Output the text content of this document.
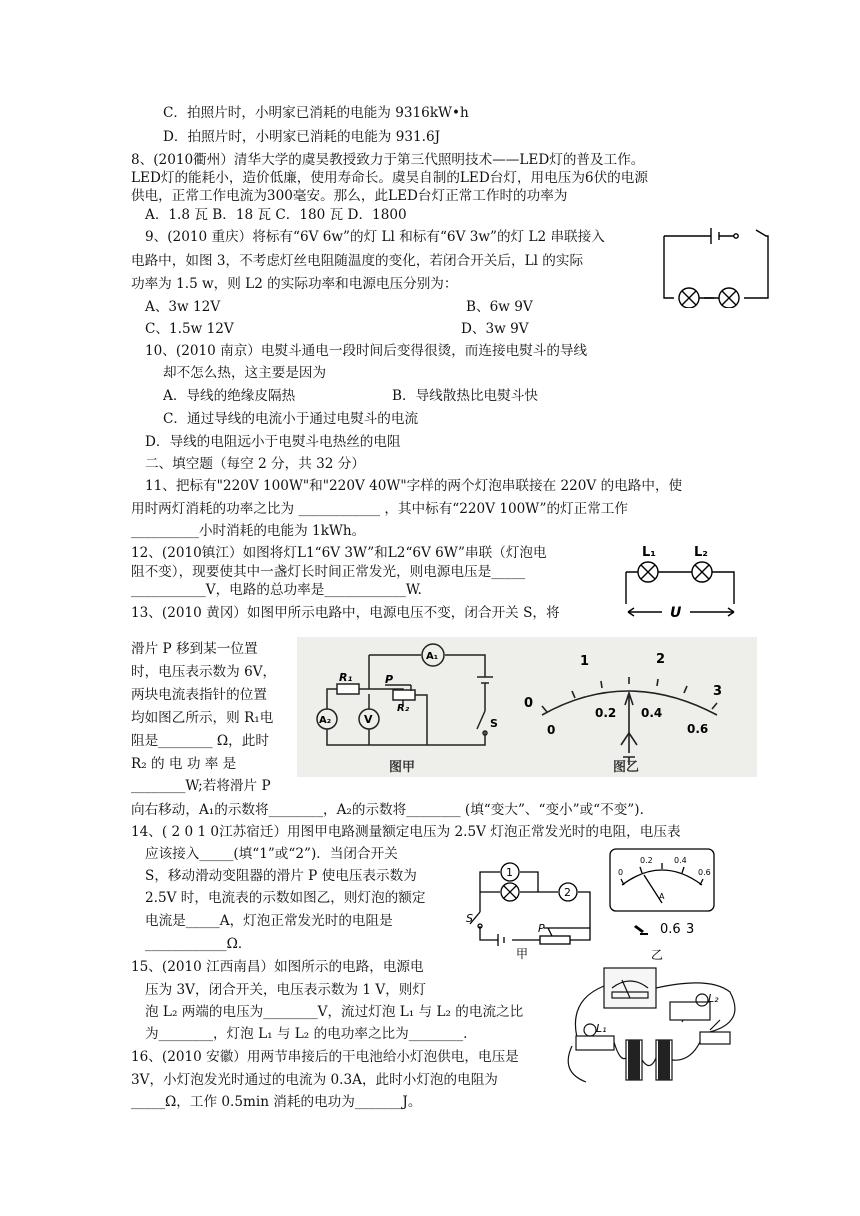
C．拍照片时，小明家已消耗的电能为 9316kW•h
D．拍照片时，小明家已消耗的电能为 931.6J
8、(2010衢州）清华大学的虞昊教授致力于第三代照明技术——LED灯的普及工作。
LED灯的能耗小，造价低廉，使用寿命长。虞昊自制的LED台灯，用电压为6伏的电源
供电，正常工作电流为300毫安。那么，此LED台灯正常工作时的功率为
A．1.8 瓦 B．18 瓦 C．180 瓦 D．1800
9、(2010 重庆）将标有“6V 6w”的灯 Ll 和标有“6V 3w”的灯 L2 串联接入
电路中，如图 3，不考虑灯丝电阻随温度的变化，若闭合开关后，Ll 的实际
功率为 1.5 w，则 L2 的实际功率和电源电压分别为：
A、3w 12V	B、6w 9V
C、1.5w 12V	D、3w 9V
10、(2010 南京）电熨斗通电一段时间后变得很烫，而连接电熨斗的导线
却不怎么热，这主要是因为
A．导线的绝缘皮隔热	B．导线散热比电熨斗快
C．通过导线的电流小于通过电熨斗的电流
D．导线的电阻远小于电熨斗电热丝的电阻
二、填空题（每空 2 分，共 32 分）
11、把标有"220V 100W"和"220V 40W"字样的两个灯泡串联接在 220V 的电路中，使
用时两灯消耗的功率之比为 ____________ ，其中标有“220V 100W”的灯正常工作
__________小时消耗的电能为 1kWh。
12、(2010镇江）如图将灯L1“6V 3W”和L2“6V 6W”串联（灯泡电
阻不变），现要使其中一盏灯长时间正常发光，则电源电压是_____
___________V，电路的总功率是____________W.
13、(2010 黄冈）如图甲所示电路中，电源电压不变，闭合开关 S，将
滑片 P 移到某一位置
时，电压表示数为 6V，
两块电流表指针的位置
均如图乙所示，则 R₁电
阻是________ Ω，此时
R₂ 的 电 功 率 是
________W;若将滑片 P
向右移动，A₁的示数将________，A₂的示数将________ (填“变大”、“变小”或“不变”)．
14、( 2 0 1 0江苏宿迁）用图甲电路测量额定电压为 2.5V 灯泡正常发光时的电阻，电压表
应该接入_____(填“1”或“2”)．当闭合开关
S，移动滑动变阻器的滑片 P 使电压表示数为
2.5V 时，电流表的示数如图乙，则灯泡的额定
电流是_____A，灯泡正常发光时的电阻是
____________Ω．
15、(2010 江西南昌）如图所示的电路，电源电
压为 3V，闭合开关，电压表示数为 1 V，则灯
泡 L₂ 两端的电压为________V，流过灯泡 L₁ 与 L₂ 的电流之比
为________，灯泡 L₁ 与 L₂ 的电功率之比为________.
16、(2010 安徽）用两节串接后的干电池给小灯泡供电，电压是
3V，小灯泡发光时通过的电流为 0.3A，此时小灯泡的电阻为
_____Ω，工作 0.5min 消耗的电功为_______J。
L₁	L₂
U
A₁
A₂	V
R₁	P
R₂
S
图甲
0
1	2
3
0
0.2 0.4
0.6
图乙
1
2
S
P
甲
0
0.2	0.4
0.6
A
0.6 3
乙
L₁
L₂
